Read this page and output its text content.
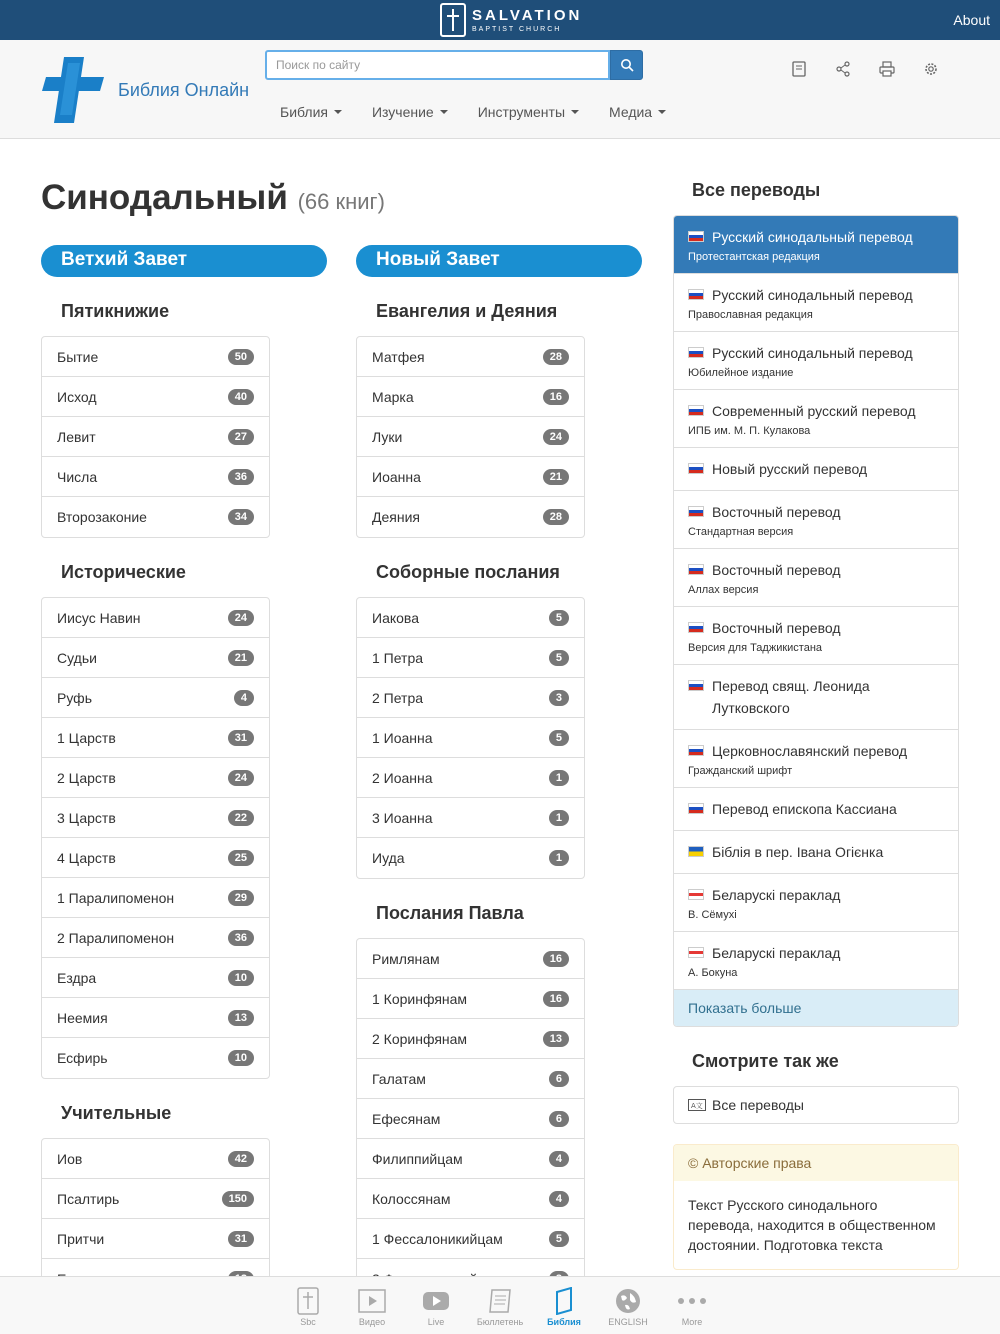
SALVATION
BAPTIST CHURCH
About
Библия Онлайн
Поиск по сайту
Библия	Изучение	Инструменты	Медиа
Синодальный (66 книг)
Ветхий Завет
Пятикнижие
Бытие	50
Исход	40
Левит	27
Числа	36
Второзаконие	34
Исторические
Иисус Навин	24
Судьи	21
Руфь	4
1 Царств	31
2 Царств	24
3 Царств	22
4 Царств	25
1 Паралипоменон	29
2 Паралипоменон	36
Ездра	10
Неемия	13
Есфирь	10
Учительные
Иов	42
Псалтирь	150
Притчи	31
Новый Завет
Евангелия и Деяния
Матфея	28
Марка	16
Луки	24
Иоанна	21
Деяния	28
Соборные послания
Иакова	5
1 Петра	5
2 Петра	3
1 Иоанна	5
2 Иоанна	1
3 Иоанна	1
Иуда	1
Послания Павла
Римлянам	16
1 Коринфянам	16
2 Коринфянам	13
Галатам	6
Ефесянам	6
Филиппийцам	4
Колоссянам	4
1 Фессалоникийцам	5
Все переводы
Русский синодальный перевод
Протестантская редакция
Русский синодальный перевод
Православная редакция
Русский синодальный перевод
Юбилейное издание
Современный русский перевод
ИПБ им. М. П. Кулакова
Новый русский перевод
Восточный перевод
Стандартная версия
Восточный перевод
Аллах версия
Восточный перевод
Версия для Таджикистана
Перевод свящ. Леонида Лутковского
Церковнославянский перевод
Гражданский шрифт
Перевод епископа Кассиана
Біблія в пер. Івана Огієнка
Беларускі пераклад
В. Сёмухі
Беларускі пераклад
А. Бокуна
Показать больше
Смотрите так же
A文 Все переводы
© Авторские права
Текст Русского синодального перевода, находится в общественном достоянии. Подготовка текста
Sbc	Видео	Live	Бюллетень	Библия	ENGLISH	More
